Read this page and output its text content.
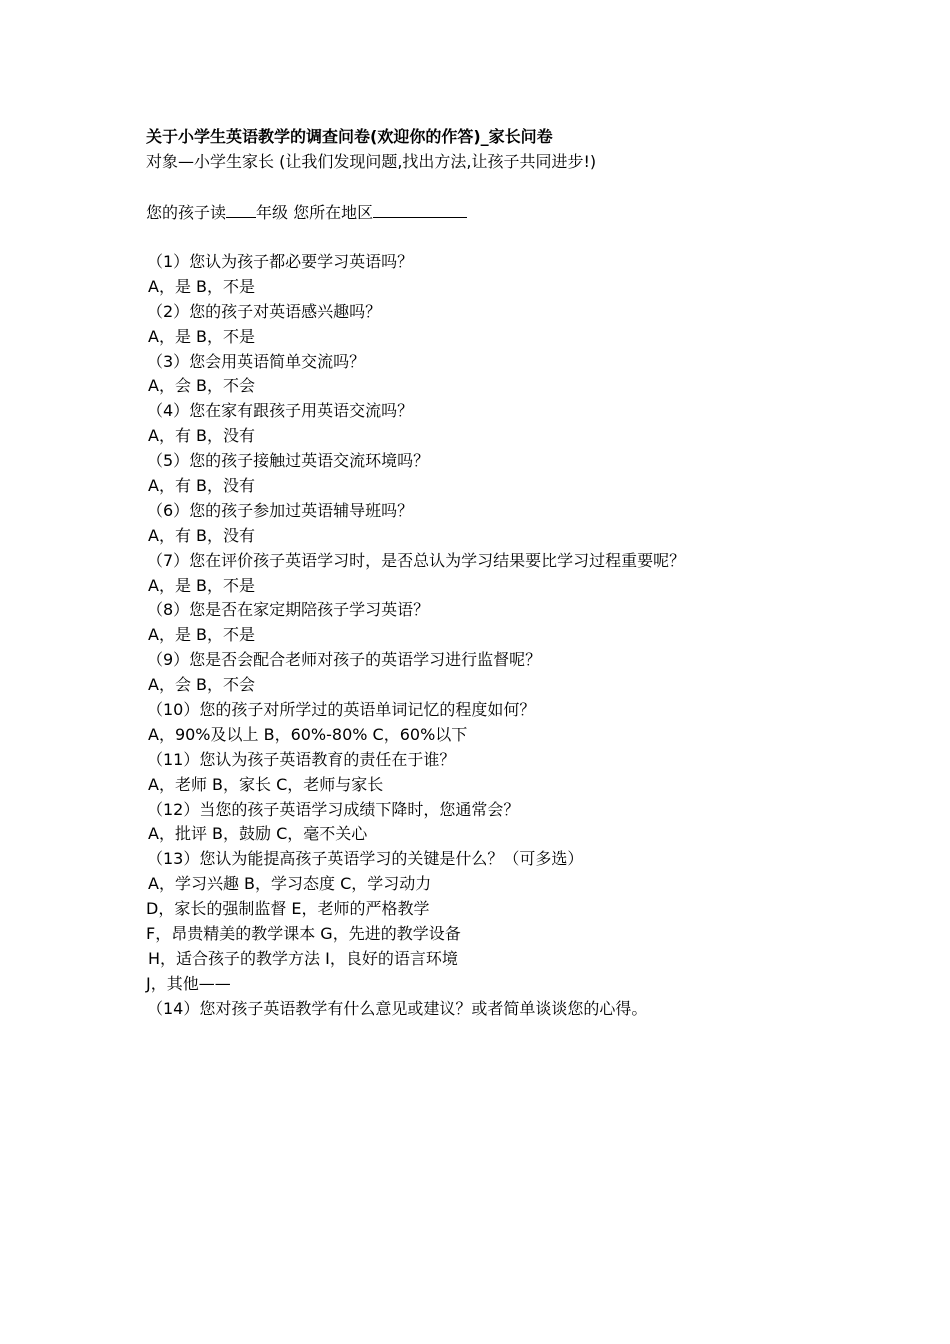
关于小学生英语教学的调查问卷(欢迎你的作答)_家长问卷
对象—小学生家长 (让我们发现问题,找出方法,让孩子共同进步!)
您的孩子读 年级 您所在地区
（1）您认为孩子都必要学习英语吗？
A，是 B，不是
（2）您的孩子对英语感兴趣吗？
A，是 B，不是
（3）您会用英语简单交流吗？
A，会 B，不会
（4）您在家有跟孩子用英语交流吗？
A，有 B，没有
（5）您的孩子接触过英语交流环境吗？
A，有 B，没有
（6）您的孩子参加过英语辅导班吗？
A，有 B，没有
（7）您在评价孩子英语学习时，是否总认为学习结果要比学习过程重要呢？
A，是 B，不是
（8）您是否在家定期陪孩子学习英语？
A，是 B，不是
（9）您是否会配合老师对孩子的英语学习进行监督呢？
A，会 B，不会
（10）您的孩子对所学过的英语单词记忆的程度如何？
A，90%及以上 B，60%-80% C，60%以下
（11）您认为孩子英语教育的责任在于谁？
A，老师 B，家长 C，老师与家长
（12）当您的孩子英语学习成绩下降时，您通常会？
A，批评 B，鼓励 C，毫不关心
（13）您认为能提高孩子英语学习的关键是什么？（可多选）
A，学习兴趣 B，学习态度 C，学习动力
D，家长的强制监督 E，老师的严格教学
F，昂贵精美的教学课本 G，先进的教学设备
H，适合孩子的教学方法 I，良好的语言环境
J，其他——
（14）您对孩子英语教学有什么意见或建议？或者简单谈谈您的心得。
